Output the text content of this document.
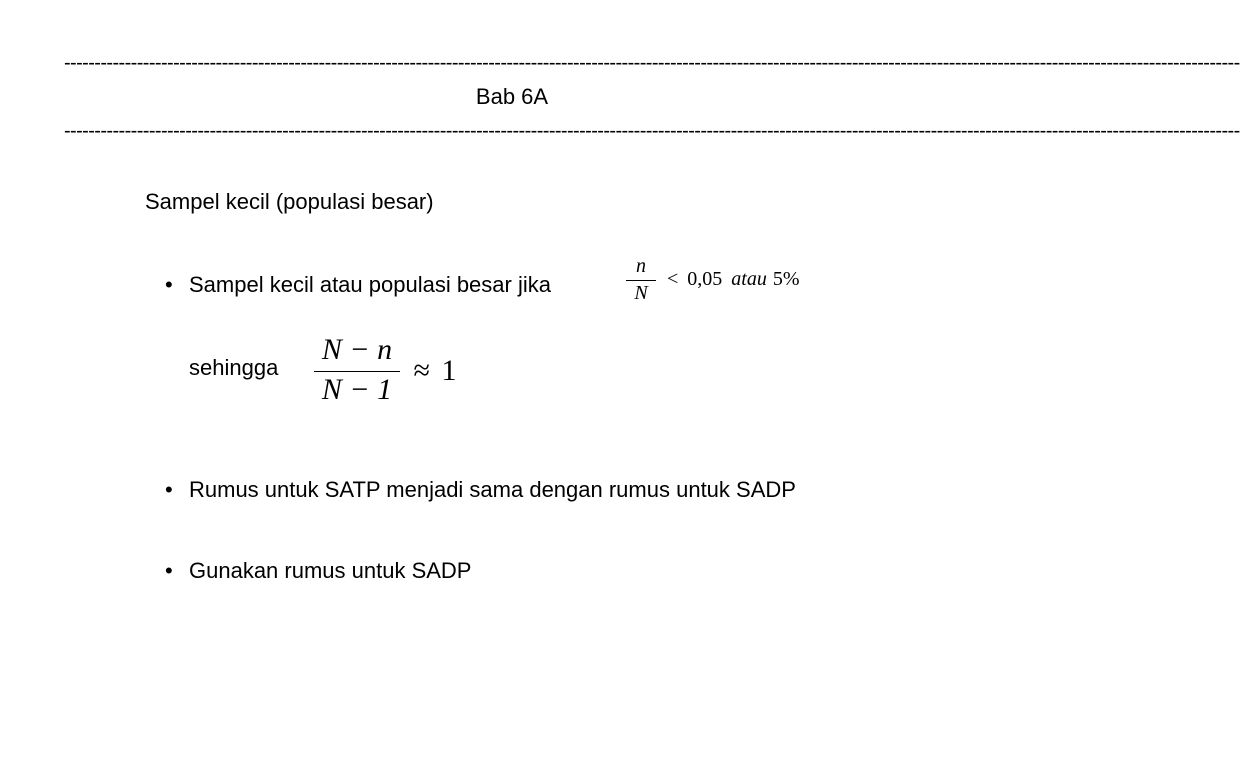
--------------------------------------------------------------------------------------------------------------------------------------------------------------------------------------------------
Bab 6A
--------------------------------------------------------------------------------------------------------------------------------------------------------------------------------------------------
Sampel kecil (populasi besar)
• Sampel kecil atau populasi besar jika	$\frac{n}{N} < 0,05$ atau 5%
sehingga $\frac{N - n}{N - 1} \approx 1$
• Rumus untuk SATP menjadi sama dengan rumus untuk SADP
• Gunakan rumus untuk SADP
